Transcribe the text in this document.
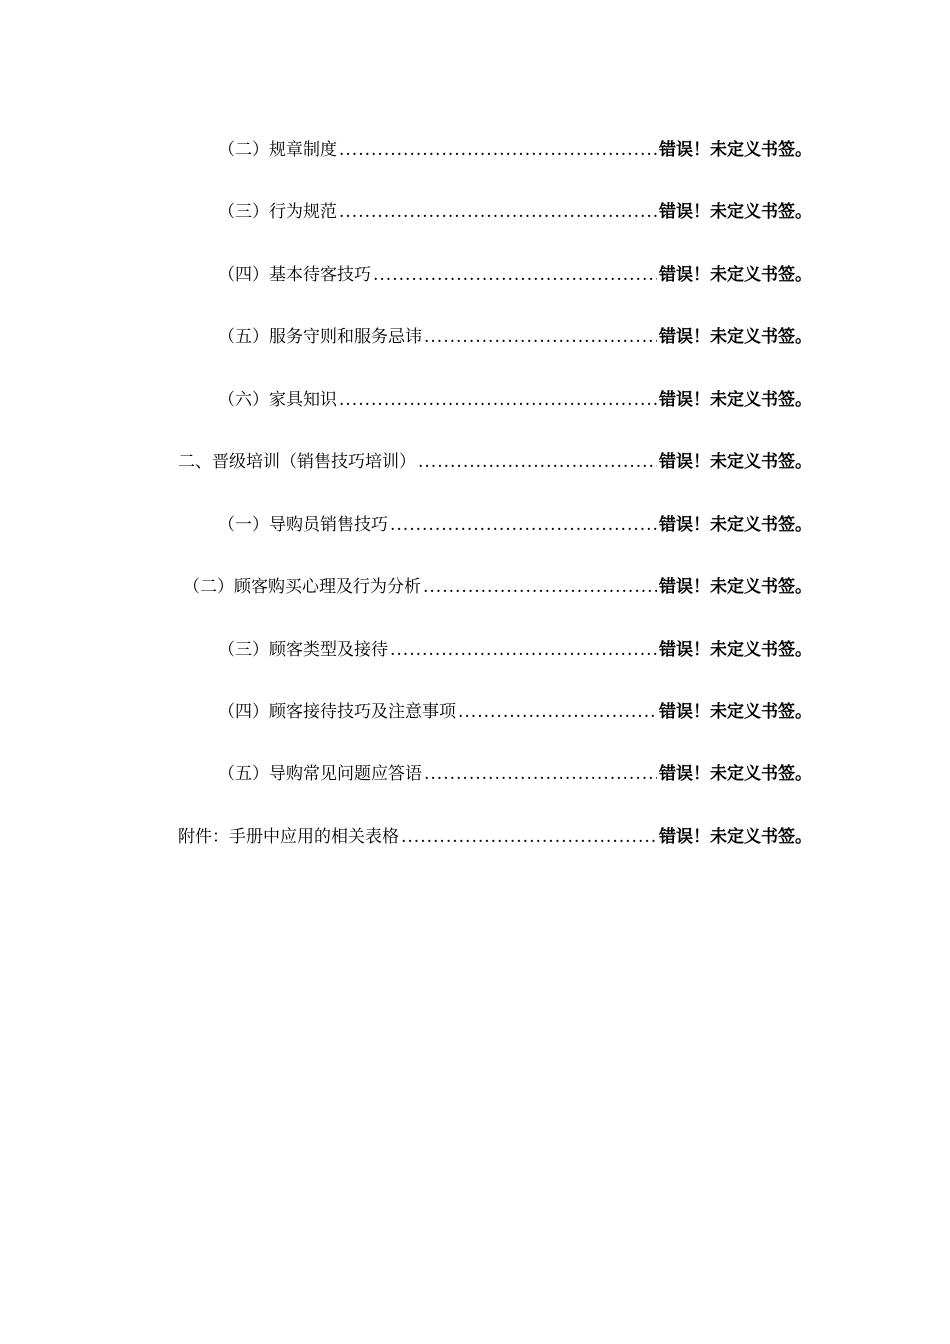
（二）规章制度 .....	错误！未定义书签。
（三）行为规范 .....	错误！未定义书签。
（四）基本待客技巧 .....	错误！未定义书签。
（五）服务守则和服务忌讳 .....	错误！未定义书签。
（六）家具知识 .....	错误！未定义书签。
二、晋级培训（销售技巧培训） .....	错误！未定义书签。
（一）导购员销售技巧 .....	错误！未定义书签。
（二）顾客购买心理及行为分析 .....	错误！未定义书签。
（三）顾客类型及接待 .....	错误！未定义书签。
（四）顾客接待技巧及注意事项 .....	错误！未定义书签。
（五）导购常见问题应答语 .....	错误！未定义书签。
附件：手册中应用的相关表格 .....	错误！未定义书签。
